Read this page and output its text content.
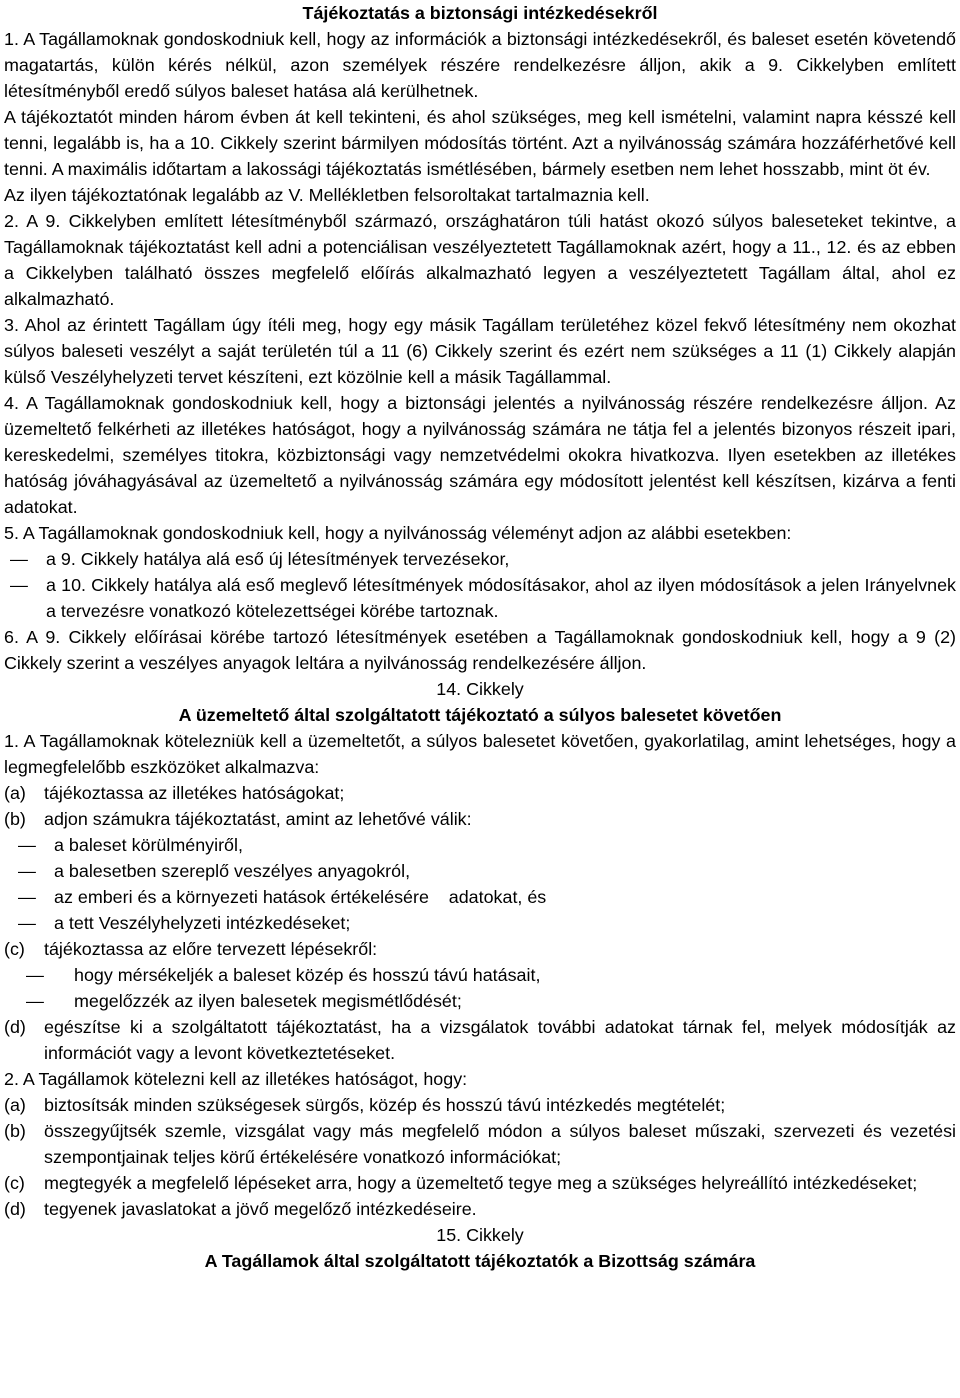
Tájékoztatás a biztonsági intézkedésekről

1. A Tagállamoknak gondoskodniuk kell, hogy az információk a biztonsági intézkedésekről, és baleset esetén követendő magatartás, külön kérés nélkül, azon személyek részére rendelkezésre álljon, akik a 9. Cikkelyben említett létesítményből eredő súlyos baleset hatása alá kerülhetnek.

A tájékoztatót minden három évben át kell tekinteni, és ahol szükséges, meg kell ismételni, valamint napra késszé kell tenni, legalább is, ha a 10. Cikkely szerint bármilyen módosítás történt. Azt a nyilvánosság számára hozzáférhetővé kell tenni. A maximális időtartam a lakossági tájékoztatás ismétlésében, bármely esetben nem lehet hosszabb, mint öt év.

Az ilyen tájékoztatónak legalább az V. Mellékletben felsoroltakat tartalmaznia kell.

2. A 9. Cikkelyben említett létesítményből származó, országhatáron túli hatást okozó súlyos baleseteket tekintve, a Tagállamoknak tájékoztatást kell adni a potenciálisan veszélyeztetett Tagállamoknak azért, hogy a 11., 12. és az ebben a Cikkelyben található összes megfelelő előírás alkalmazható legyen a veszélyeztetett Tagállam által, ahol ez alkalmazható.

3. Ahol az érintett Tagállam úgy ítéli meg, hogy egy másik Tagállam területéhez közel fekvő létesítmény nem okozhat súlyos baleseti veszélyt a saját területén túl a 11 (6) Cikkely szerint és ezért nem szükséges a 11 (1) Cikkely alapján külső Veszélyhelyzeti tervet készíteni, ezt közölnie kell a másik Tagállammal.

4. A Tagállamoknak gondoskodniuk kell, hogy a biztonsági jelentés a nyilvánosság részére rendelkezésre álljon. Az üzemeltető felkérheti az illetékes hatóságot, hogy a nyilvánosság számára ne tátja fel a jelentés bizonyos részeit ipari, kereskedelmi, személyes titokra, közbiztonsági vagy nemzetvédelmi okokra hivatkozva. Ilyen esetekben az illetékes hatóság jóváhagyásával az üzemeltető a nyilvánosság számára egy módosított jelentést kell készítsen, kizárva a fenti adatokat.

5. A Tagállamoknak gondoskodniuk kell, hogy a nyilvánosság véleményt adjon az alábbi esetekben:

—	a 9. Cikkely hatálya alá eső új létesítmények tervezésekor,
—	a 10. Cikkely hatálya alá eső meglevő létesítmények módosításakor, ahol az ilyen módosítások a jelen Irányelvnek a tervezésre vonatkozó kötelezettségei körébe tartoznak.

6. A 9. Cikkely előírásai körébe tartozó létesítmények esetében a Tagállamoknak gondoskodniuk kell, hogy a 9 (2) Cikkely szerint a veszélyes anyagok leltára a nyilvánosság rendelkezésére álljon.

14. Cikkely
A üzemeltető által szolgáltatott tájékoztató a súlyos balesetet követően

1. A Tagállamoknak kötelezniük kell a üzemeltetőt, a súlyos balesetet követően, gyakorlatilag, amint lehetséges, hogy a legmegfelelőbb eszközöket alkalmazva:

(a)	tájékoztassa az illetékes hatóságokat;
(b)	adjon számukra tájékoztatást, amint az lehetővé válik:
—	a baleset körülményiről,
—	a balesetben szereplő veszélyes anyagokról,
—	az emberi és a környezeti hatások értékelésére    adatokat, és
—	a tett Veszélyhelyzeti intézkedéseket;
(c)	tájékoztassa az előre tervezett lépésekről:
—	hogy mérsékeljék a baleset közép és hosszú távú hatásait,
—	megelőzzék az ilyen balesetek megismétlődését;
(d)	egészítse ki a szolgáltatott tájékoztatást, ha a vizsgálatok további adatokat tárnak fel, melyek módosítják az információt vagy a levont következtetéseket.

2. A Tagállamok kötelezni kell az illetékes hatóságot, hogy:

(a)	biztosítsák minden szükségesek sürgős, közép és hosszú távú intézkedés megtételét;
(b)	összegyűjtsék szemle, vizsgálat vagy más megfelelő módon a súlyos baleset műszaki, szervezeti és vezetési szempontjainak teljes körű értékelésére vonatkozó információkat;
(c)	megtegyék a megfelelő lépéseket arra, hogy a üzemeltető tegye meg a szükséges helyreállító intézkedéseket;
(d)	tegyenek javaslatokat a jövő megelőző intézkedéseire.
15. Cikkely
A Tagállamok által szolgáltatott tájékoztatók a Bizottság számára
